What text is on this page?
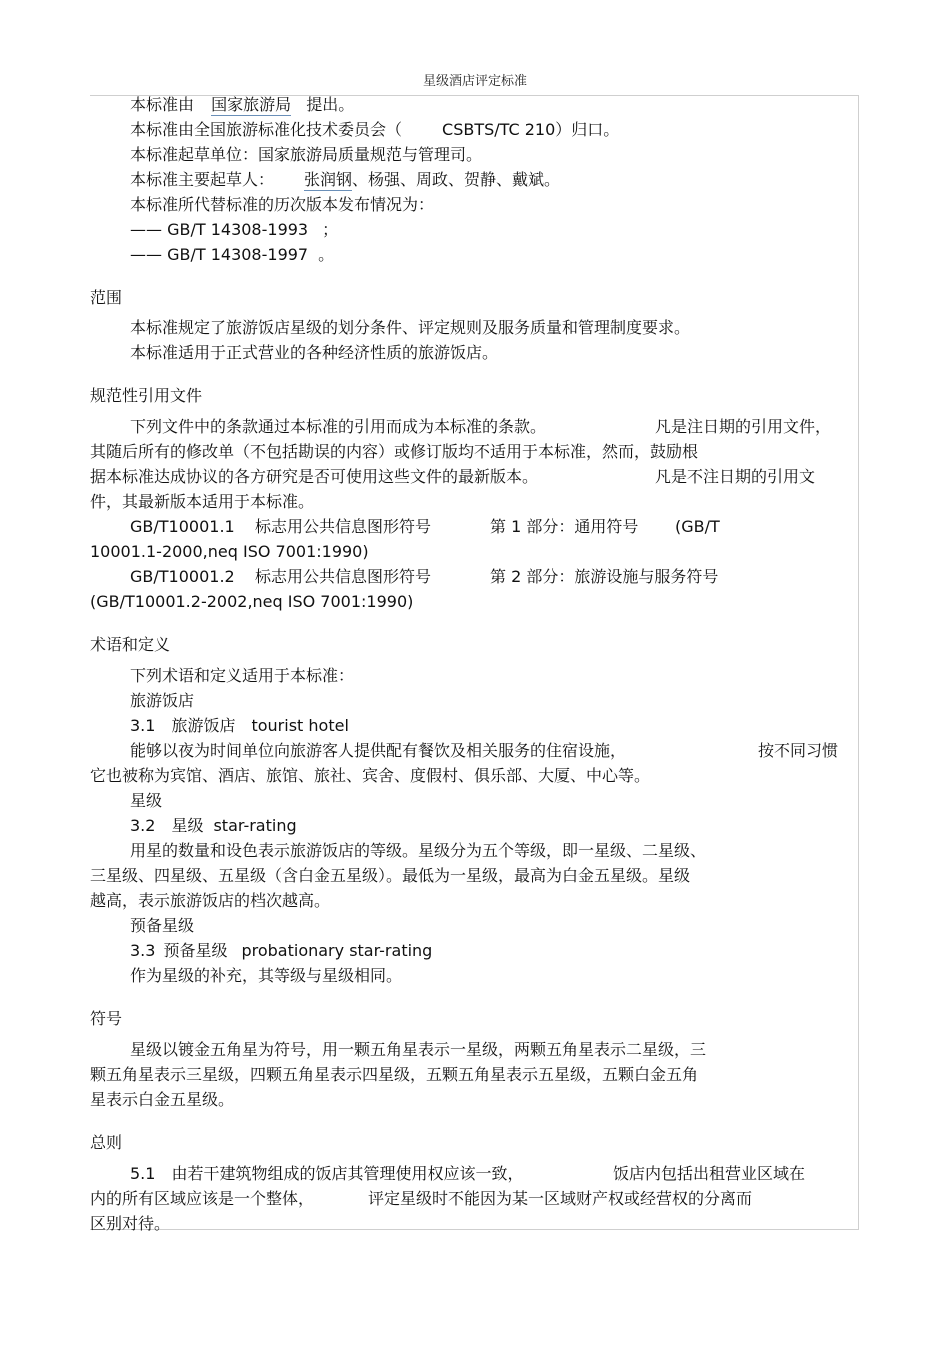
星级酒店评定标准
本标准由 国家旅游局 提出。
本标准由全国旅游标准化技术委员会（	CSBTS/TC 210）归口。
本标准起草单位：国家旅游局质量规范与管理司。
本标准主要起草人： 张润钢、杨强、周政、贺静、戴斌。
本标准所代替标准的历次版本发布情况为：
—— GB/T 14308-1993 ；
—— GB/T 14308-1997 。
范围
本标准规定了旅游饭店星级的划分条件、评定规则及服务质量和管理制度要求。
本标准适用于正式营业的各种经济性质的旅游饭店。
规范性引用文件
下列文件中的条款通过本标准的引用而成为本标准的条款。	凡是注日期的引用文件，
其随后所有的修改单（不包括勘误的内容）或修订版均不适用于本标准，然而，鼓励根
据本标准达成协议的各方研究是否可使用这些文件的最新版本。	凡是不注日期的引用文
件，其最新版本适用于本标准。
GB/T10001.1 标志用公共信息图形符号	第 1 部分：通用符号 (GB/T
10001.1-2000,neq ISO 7001:1990)
GB/T10001.2 标志用公共信息图形符号	第 2 部分：旅游设施与服务符号
(GB/T10001.2-2002,neq ISO 7001:1990)
术语和定义
下列术语和定义适用于本标准：
旅游饭店
3.1 旅游饭店 tourist hotel
能够以夜为时间单位向旅游客人提供配有餐饮及相关服务的住宿设施，	按不同习惯
它也被称为宾馆、酒店、旅馆、旅社、宾舍、度假村、俱乐部、大厦、中心等。
星级
3.2 星级 star-rating
用星的数量和设色表示旅游饭店的等级。星级分为五个等级，即一星级、二星级、
三星级、四星级、五星级（含白金五星级）。最低为一星级，最高为白金五星级。星级
越高，表示旅游饭店的档次越高。
预备星级
3.3 预备星级 probationary star-rating
作为星级的补充，其等级与星级相同。
符号
星级以镀金五角星为符号，用一颗五角星表示一星级，两颗五角星表示二星级，三
颗五角星表示三星级，四颗五角星表示四星级，五颗五角星表示五星级，五颗白金五角
星表示白金五星级。
总则
5.1 由若干建筑物组成的饭店其管理使用权应该一致，	饭店内包括出租营业区域在
内的所有区域应该是一个整体，	评定星级时不能因为某一区域财产权或经营权的分离而
区别对待。
